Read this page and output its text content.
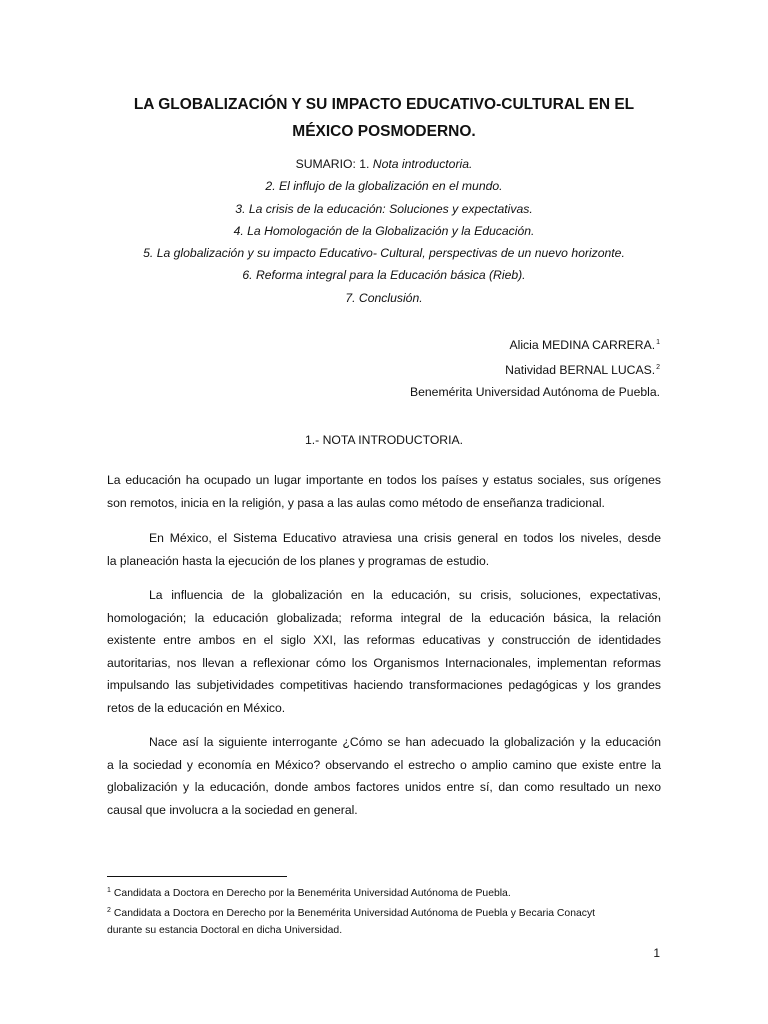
LA GLOBALIZACIÓN Y SU IMPACTO EDUCATIVO-CULTURAL EN EL
MÉXICO POSMODERNO.
SUMARIO: 1. Nota introductoria.
2. El influjo de la globalización en el mundo.
3. La crisis de la educación: Soluciones y expectativas.
4. La Homologación de la Globalización y la Educación.
5. La globalización y su impacto Educativo- Cultural, perspectivas de un nuevo horizonte.
6. Reforma integral para la Educación básica (Rieb).
7. Conclusión.
Alicia MEDINA CARRERA.$^1$
Natividad BERNAL LUCAS.$^2$
Benemérita Universidad Autónoma de Puebla.
1.- NOTA INTRODUCTORIA.
La educación ha ocupado un lugar importante en todos los países y estatus sociales, sus orígenes
son remotos, inicia en la religión, y pasa a las aulas como método de enseñanza tradicional.
En México, el Sistema Educativo atraviesa una crisis general en todos los niveles, desde
la planeación hasta la ejecución de los planes y programas de estudio.
La influencia de la globalización en la educación, su crisis, soluciones, expectativas,
homologación; la educación globalizada; reforma integral de la educación básica, la relación
existente entre ambos en el siglo XXI, las reformas educativas y construcción de identidades
autoritarias, nos llevan a reflexionar cómo los Organismos Internacionales, implementan reformas
impulsando las subjetividades competitivas haciendo transformaciones pedagógicas y los grandes
retos de la educación en México.
Nace así la siguiente interrogante ¿Cómo se han adecuado la globalización y la educación
a la sociedad y economía en México? observando el estrecho o amplio camino que existe entre la
globalización y la educación, donde ambos factores unidos entre sí, dan como resultado un nexo
causal que involucra a la sociedad en general.
$^1$ Candidata a Doctora en Derecho por la Benemérita Universidad Autónoma de Puebla.
$^2$ Candidata a Doctora en Derecho por la Benemérita Universidad Autónoma de Puebla y Becaria Conacyt
durante su estancia Doctoral en dicha Universidad.
1
